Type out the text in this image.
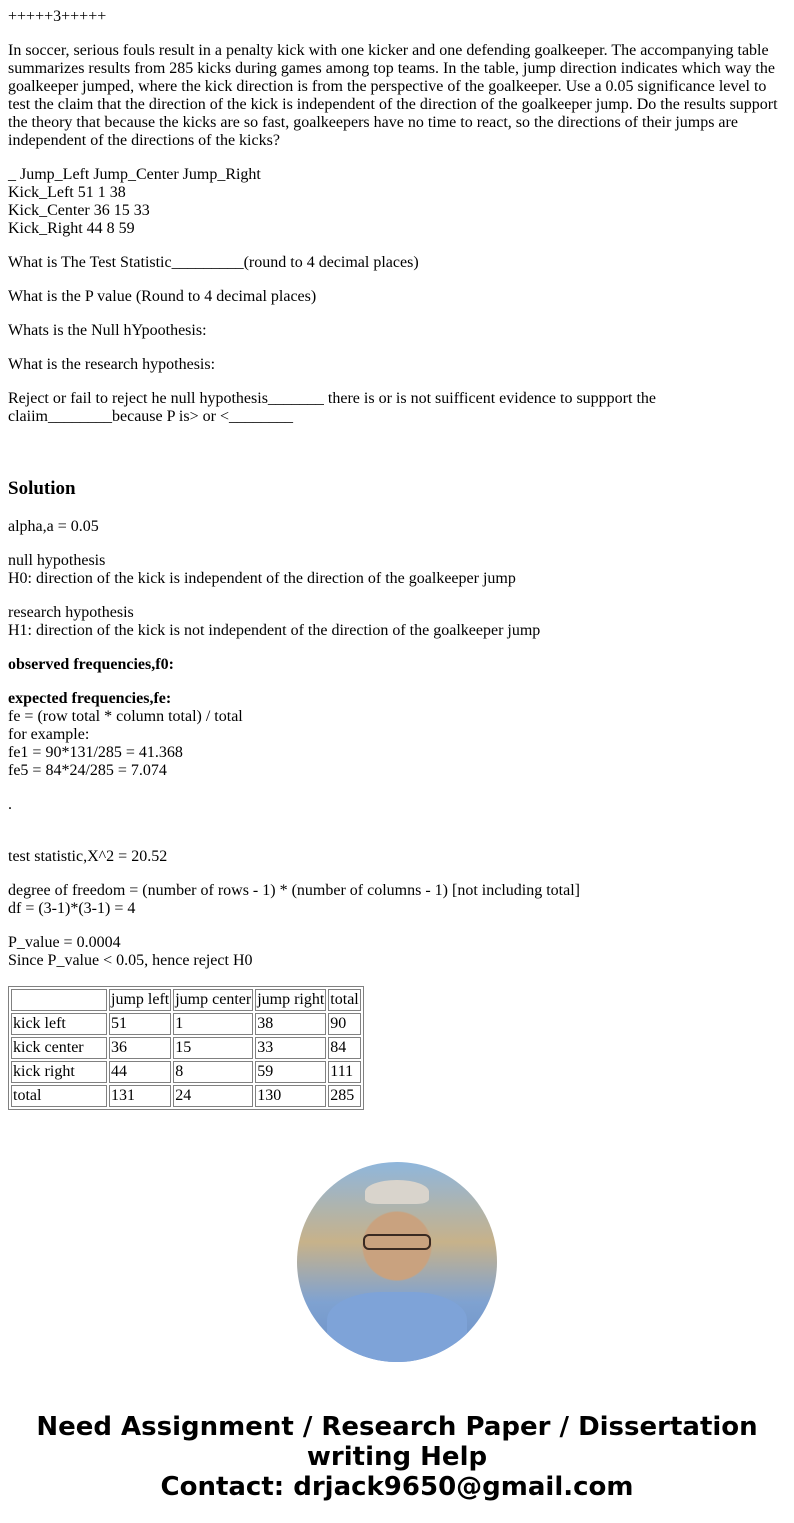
+++++3+++++

In soccer, serious fouls result in a penalty kick with one kicker and one defending goalkeeper. The accompanying table summarizes results from 285 kicks during games among top teams. In the table, jump direction indicates which way the goalkeeper jumped, where the kick direction is from the perspective of the goalkeeper. Use a 0.05 significance level to test the claim that the direction of the kick is independent of the direction of the goalkeeper jump. Do the results support the theory that because the kicks are so fast, goalkeepers have no time to react, so the directions of their jumps are independent of the directions of the kicks?

_ Jump_Left Jump_Center Jump_Right
Kick_Left 51 1 38
Kick_Center 36 15 33
Kick_Right 44 8 59

What is The Test Statistic_________(round to 4 decimal places)

What is the P value (Round to 4 decimal places)

Whats is the Null hYpoothesis:

What is the research hypothesis:

Reject or fail to reject he null hypothesis_______ there is or is not suifficent evidence to suppport the claiim________because P is> or <________

Solution

alpha,a = 0.05

null hypothesis
H0: direction of the kick is independent of the direction of the goalkeeper jump

research hypothesis
H1: direction of the kick is not independent of the direction of the goalkeeper jump

observed frequencies,f0:

expected frequencies,fe:
fe = (row total * column total) / total
for example:
fe1 = 90*131/285 = 41.368
fe5 = 84*24/285 = 7.074

.

test statistic,X^2 = 20.52

degree of freedom = (number of rows - 1) * (number of columns - 1) [not including total]
df = (3-1)*(3-1) = 4

P_value = 0.0004
Since P_value < 0.05, hence reject H0

	jump left	jump center	jump right	total
kick left	51	1	38	90
kick center	36	15	33	84
kick right	44	8	59	111
total	131	24	130	285
Need Assignment / Research Paper / Dissertation
writing Help
Contact: drjack9650@gmail.com
